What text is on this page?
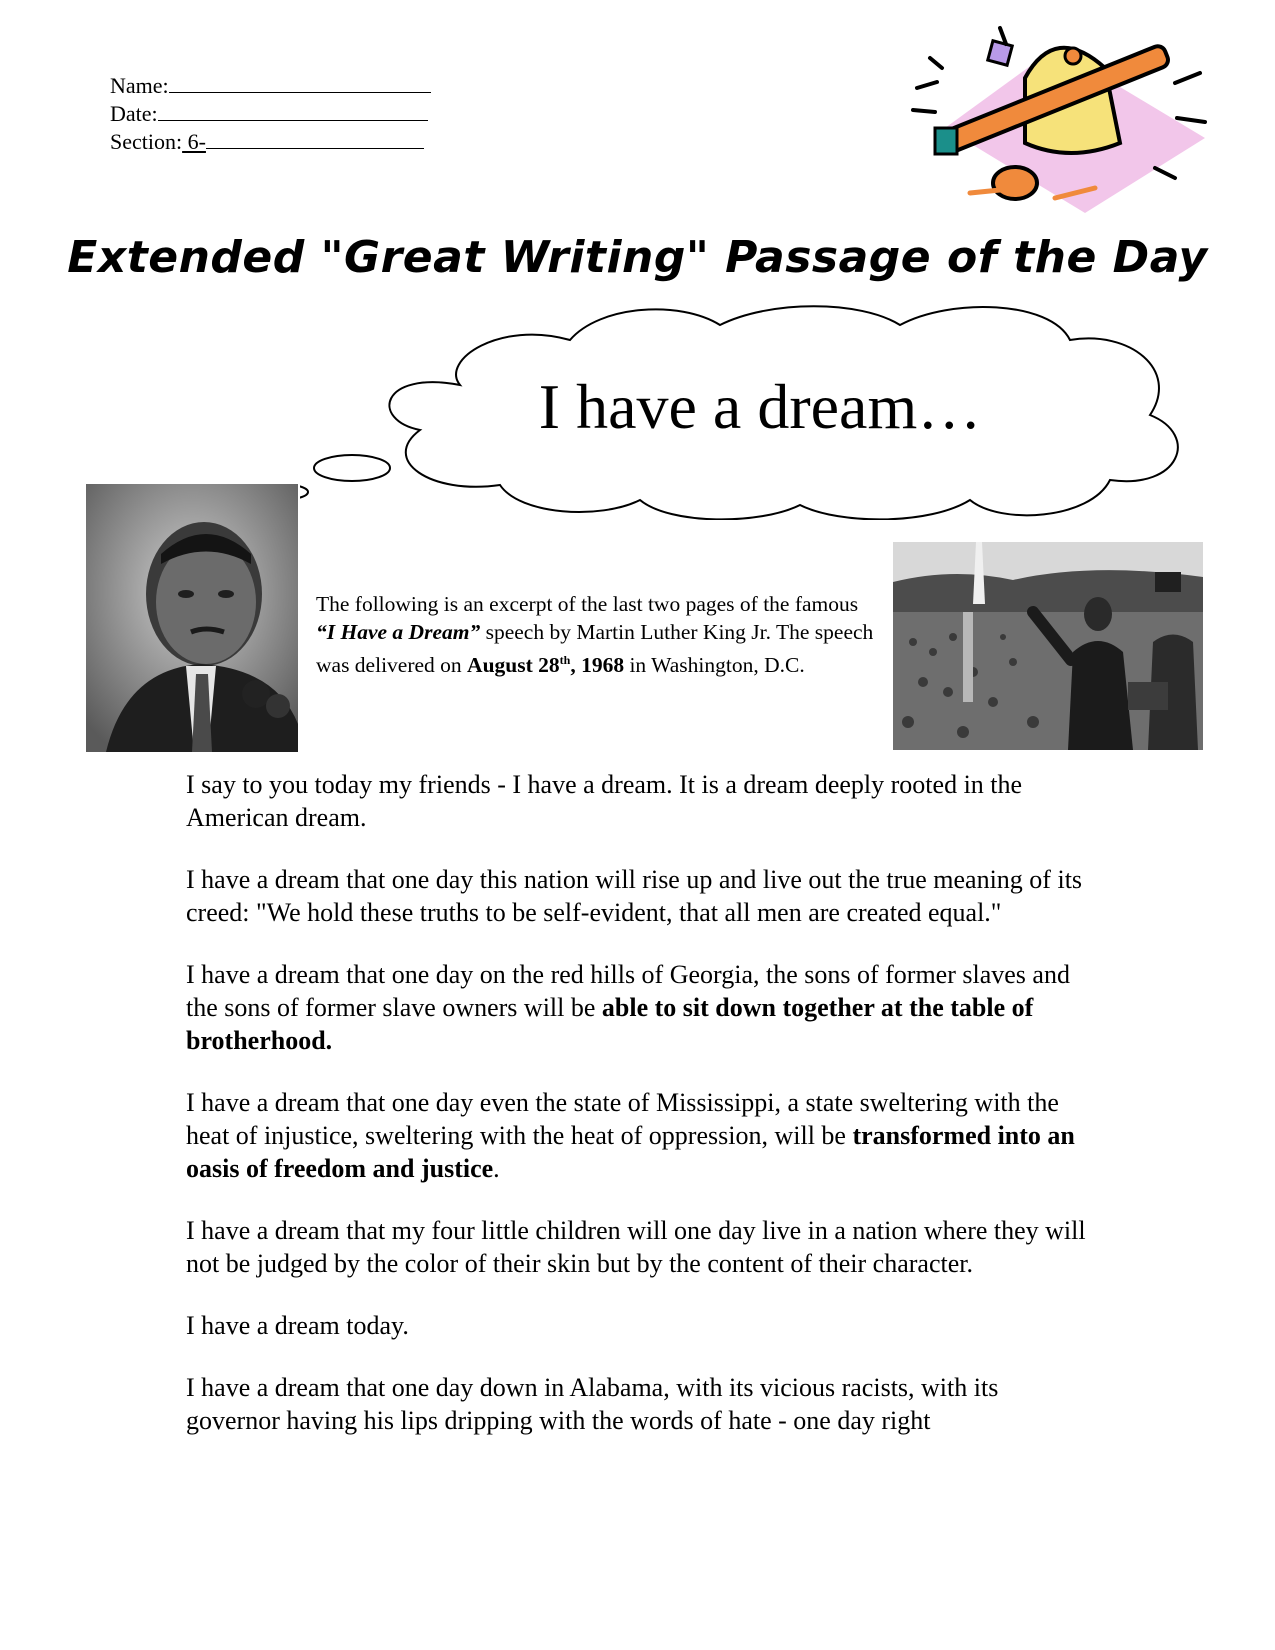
Name:
Date:
Section: 6-
Extended "Great Writing" Passage of the Day
I have a dream…
The following is an excerpt of the last two pages of the famous “I Have a Dream” speech by Martin Luther King Jr. The speech was delivered on August 28th, 1968 in Washington, D.C.

I say to you today my friends - I have a dream. It is a dream deeply rooted in the American dream.

I have a dream that one day this nation will rise up and live out the true meaning of its creed: "We hold these truths to be self-evident, that all men are created equal."

I have a dream that one day on the red hills of Georgia, the sons of former slaves and the sons of former slave owners will be able to sit down together at the table of brotherhood.

I have a dream that one day even the state of Mississippi, a state sweltering with the heat of injustice, sweltering with the heat of oppression, will be transformed into an oasis of freedom and justice.

I have a dream that my four little children will one day live in a nation where they will not be judged by the color of their skin but by the content of their character.

I have a dream today.

I have a dream that one day down in Alabama, with its vicious racists, with its governor having his lips dripping with the words of hate - one day right
